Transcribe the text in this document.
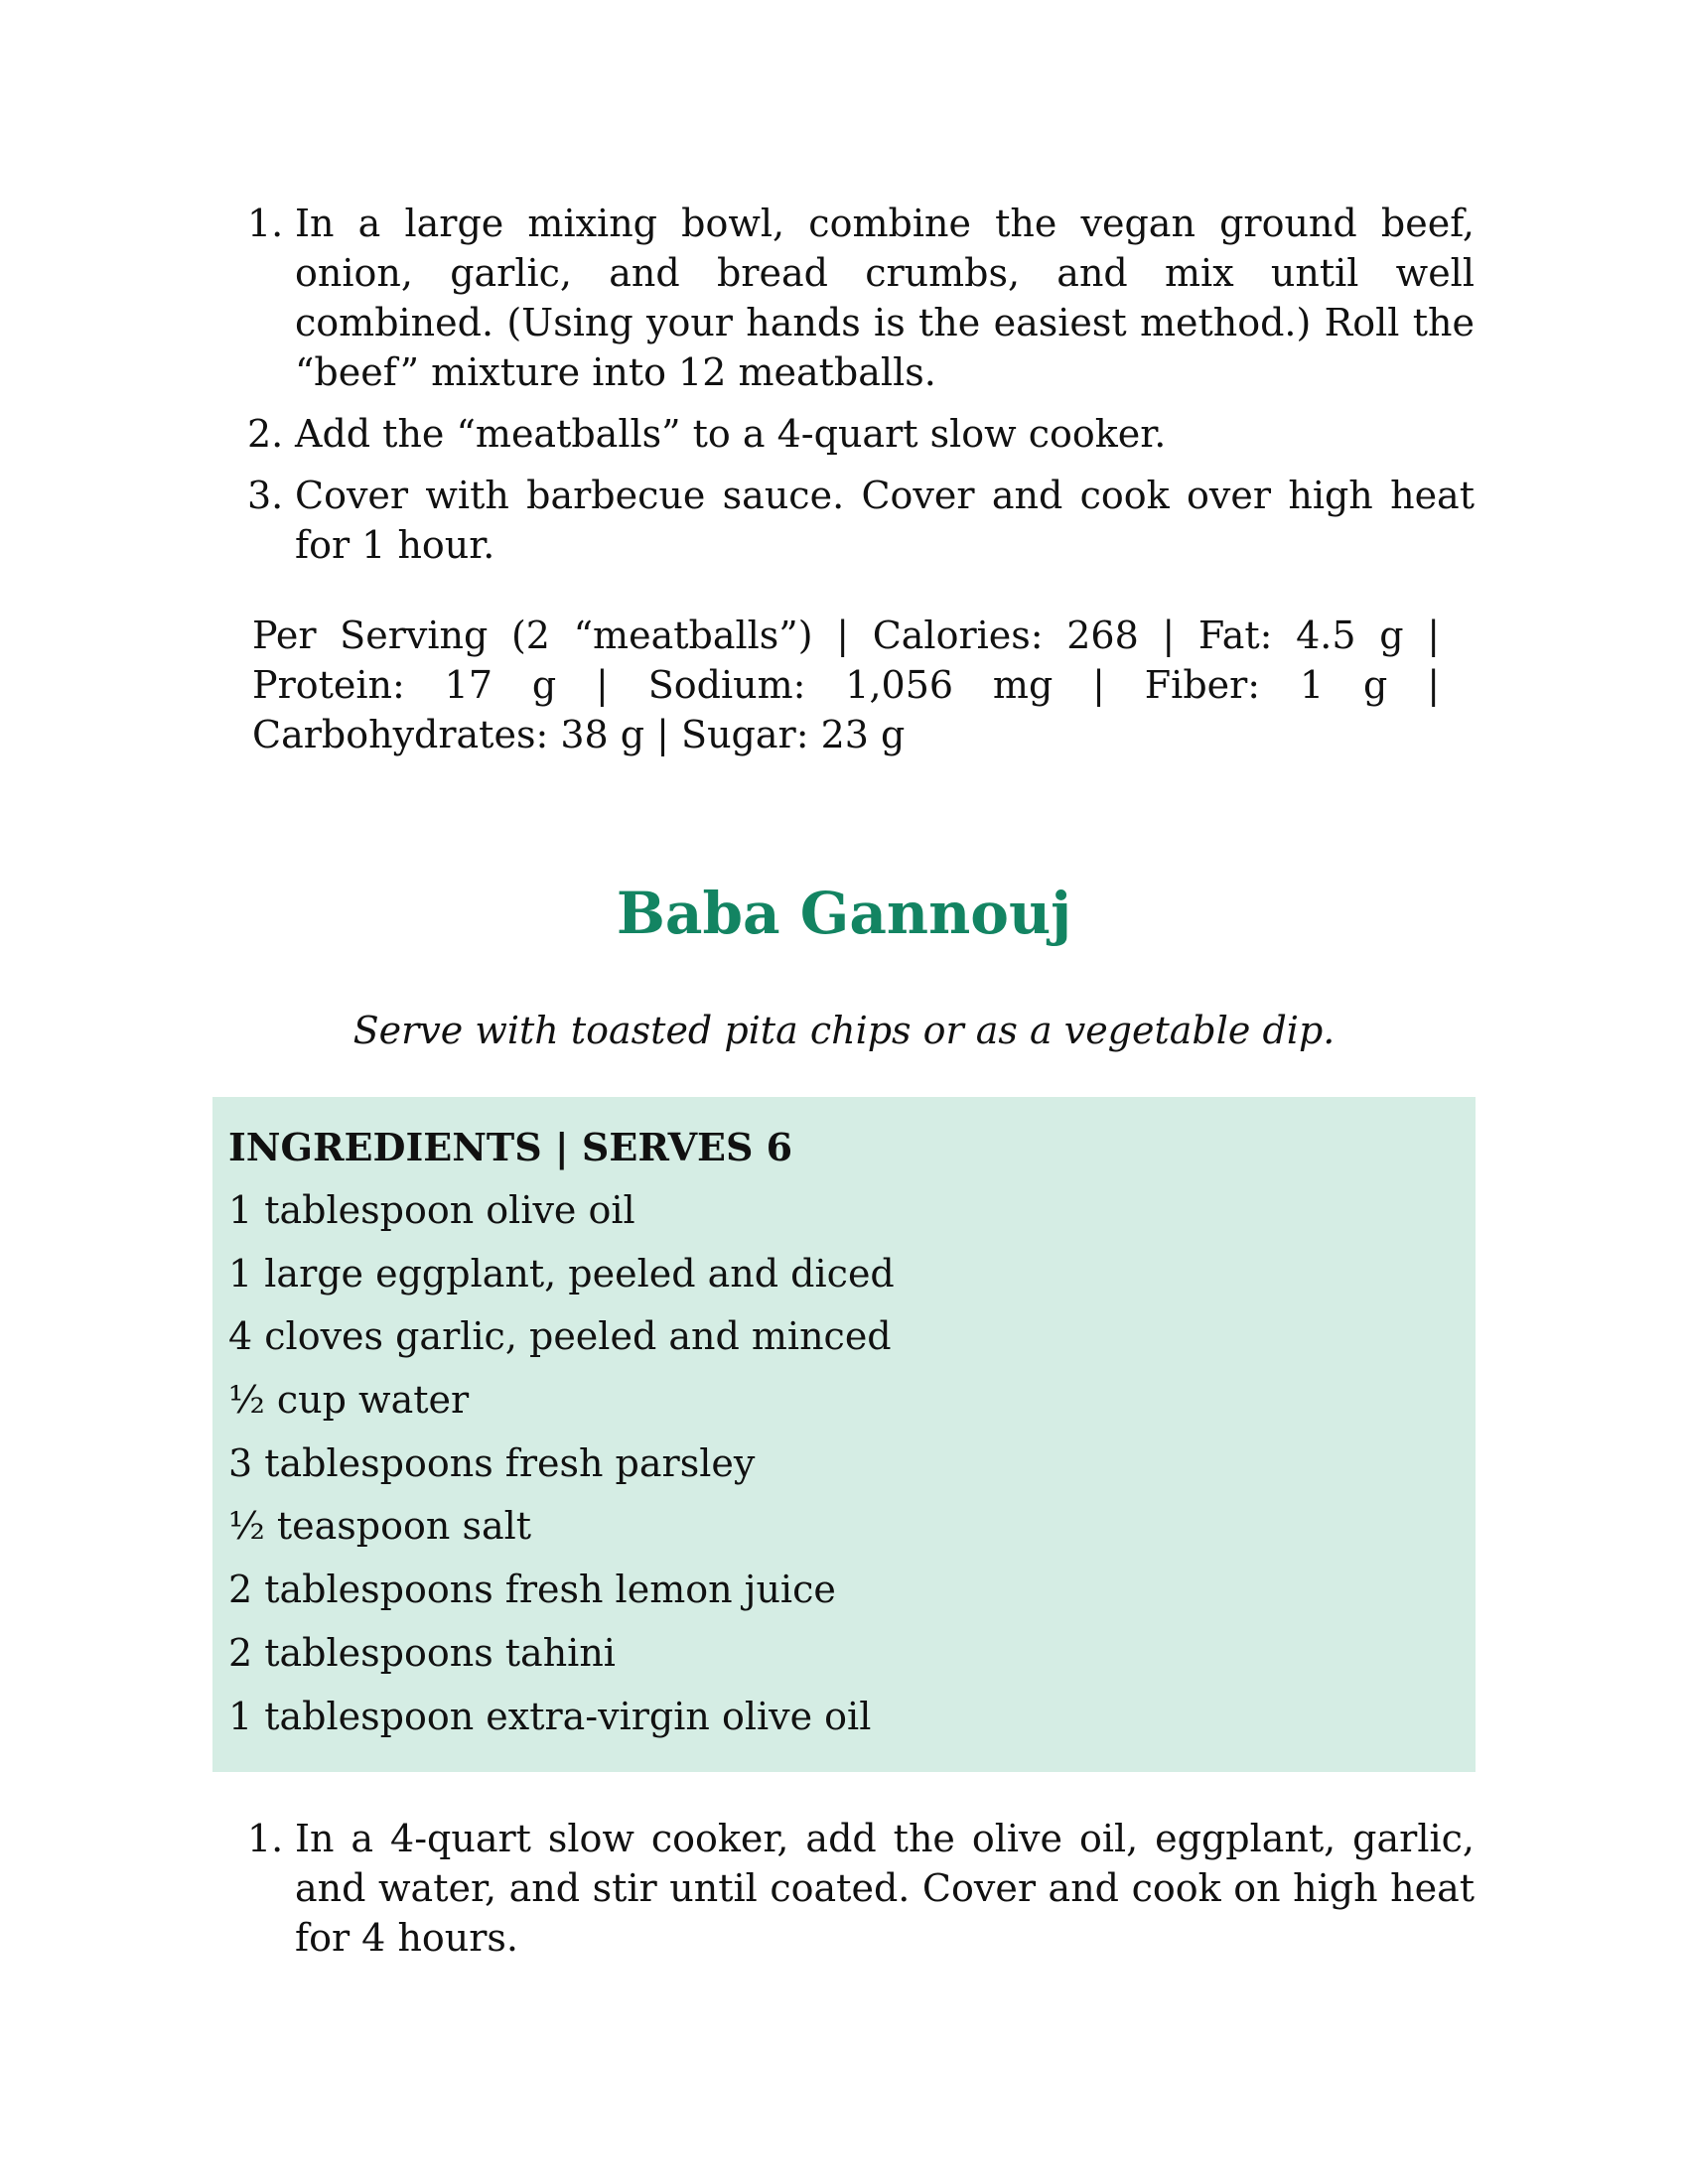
1. In a large mixing bowl, combine the vegan ground beef, onion, garlic, and bread crumbs, and mix until well combined. (Using your hands is the easiest method.) Roll the “beef” mixture into 12 meatballs.
2. Add the “meatballs” to a 4-quart slow cooker.
3. Cover with barbecue sauce. Cover and cook over high heat for 1 hour.

Per Serving (2 “meatballs”) | Calories: 268 | Fat: 4.5 g | Protein: 17 g | Sodium: 1,056 mg | Fiber: 1 g | Carbohydrates: 38 g | Sugar: 23 g

Baba Gannouj

Serve with toasted pita chips or as a vegetable dip.

INGREDIENTS | SERVES 6
1 tablespoon olive oil
1 large eggplant, peeled and diced
4 cloves garlic, peeled and minced
¹⁄₂ cup water
3 tablespoons fresh parsley
¹⁄₂ teaspoon salt
2 tablespoons fresh lemon juice
2 tablespoons tahini
1 tablespoon extra-virgin olive oil
1. In a 4-quart slow cooker, add the olive oil, eggplant, garlic, and water, and stir until coated. Cover and cook on high heat for 4 hours.
